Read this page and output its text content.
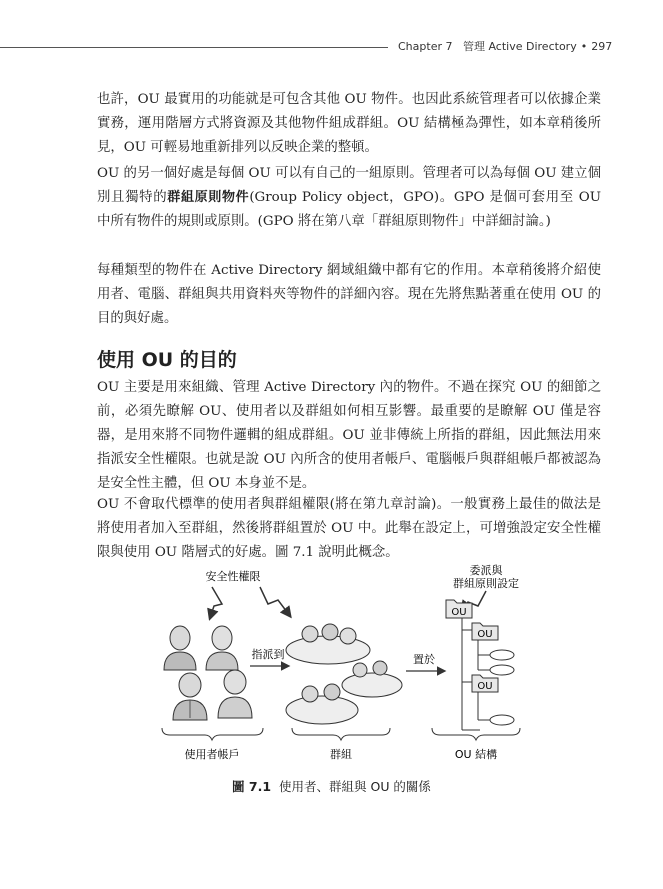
Chapter 7 管理 Active Directory • 297

也許，OU 最實用的功能就是可包含其他 OU 物件。也因此系統管理者可以依據企業實務，運用階層方式將資源及其他物件組成群組。OU 結構極為彈性，如本章稍後所見，OU 可輕易地重新排列以反映企業的整頓。

OU 的另一個好處是每個 OU 可以有自己的一組原則。管理者可以為每個 OU 建立個別且獨特的群組原則物件(Group Policy object，GPO)。GPO 是個可套用至 OU 中所有物件的規則或原則。(GPO 將在第八章「群組原則物件」中詳細討論。)

每種類型的物件在 Active Directory 網域組織中都有它的作用。本章稍後將介紹使用者、電腦、群組與共用資料夾等物件的詳細內容。現在先將焦點著重在使用 OU 的目的與好處。

使用 OU 的目的

OU 主要是用來組織、管理 Active Directory 內的物件。不過在探究 OU 的細節之前，必須先瞭解 OU、使用者以及群組如何相互影響。最重要的是瞭解 OU 僅是容器，是用來將不同物件邏輯的組成群組。OU 並非傳統上所指的群組，因此無法用來指派安全性權限。也就是說 OU 內所含的使用者帳戶、電腦帳戶與群組帳戶都被認為是安全性主體，但 OU 本身並不是。

OU 不會取代標準的使用者與群組權限(將在第九章討論)。一般實務上最佳的做法是將使用者加入至群組，然後將群組置於 OU 中。此舉在設定上，可增強設定安全性權限與使用 OU 階層式的好處。圖 7.1 說明此概念。

安全性權限	委派與
群組原則設定
指派到	置於
OU
OU
OU
使用者帳戶	群組	OU 結構
圖 7.1 使用者、群組與 OU 的關係
